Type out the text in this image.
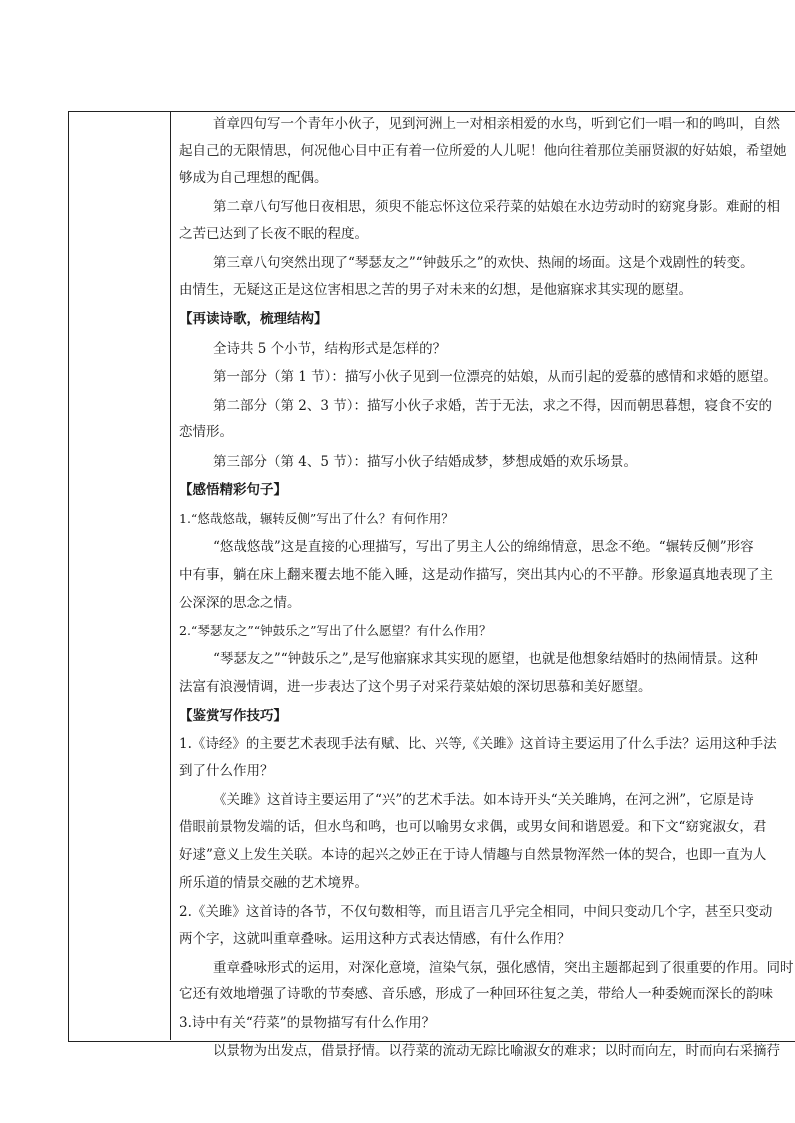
首章四句写一个青年小伙子，见到河洲上一对相亲相爱的水鸟，听到它们一唱一和的鸣叫，自然
起自己的无限情思，何况他心目中正有着一位所爱的人儿呢！他向往着那位美丽贤淑的好姑娘，希望她
够成为自己理想的配偶。
第二章八句写他日夜相思，须臾不能忘怀这位采荇菜的姑娘在水边劳动时的窈窕身影。难耐的相
之苦已达到了长夜不眠的程度。
第三章八句突然出现了“琴瑟友之”“钟鼓乐之”的欢快、热闹的场面。这是个戏剧性的转变。
由情生，无疑这正是这位害相思之苦的男子对未来的幻想，是他寤寐求其实现的愿望。
【再读诗歌，梳理结构】
全诗共 5 个小节，结构形式是怎样的？
第一部分（第 1 节）：描写小伙子见到一位漂亮的姑娘，从而引起的爱慕的感情和求婚的愿望。
第二部分（第 2、3 节）：描写小伙子求婚，苦于无法，求之不得，因而朝思暮想，寝食不安的
恋情形。
第三部分（第 4、5 节）：描写小伙子结婚成梦，梦想成婚的欢乐场景。
【感悟精彩句子】
1.“悠哉悠哉，辗转反侧”写出了什么？有何作用？
“悠哉悠哉”这是直接的心理描写，写出了男主人公的绵绵情意，思念不绝。“辗转反侧”形容
中有事，躺在床上翻来覆去地不能入睡，这是动作描写，突出其内心的不平静。形象逼真地表现了主
公深深的思念之情。
2.“琴瑟友之”“钟鼓乐之”写出了什么愿望？有什么作用？
“琴瑟友之”“钟鼓乐之”,是写他寤寐求其实现的愿望，也就是他想象结婚时的热闹情景。这种
法富有浪漫情调，进一步表达了这个男子对采荇菜姑娘的深切思慕和美好愿望。
【鉴赏写作技巧】
1.《诗经》的主要艺术表现手法有赋、比、兴等,《关雎》这首诗主要运用了什么手法？运用这种手法
到了什么作用？
《关雎》这首诗主要运用了“兴”的艺术手法。如本诗开头“关关雎鸠，在河之洲”，它原是诗
借眼前景物发端的话，但水鸟和鸣，也可以喻男女求偶，或男女间和谐恩爱。和下文“窈窕淑女，君
好逑”意义上发生关联。本诗的起兴之妙正在于诗人情趣与自然景物浑然一体的契合，也即一直为人
所乐道的情景交融的艺术境界。
2.《关雎》这首诗的各节，不仅句数相等，而且语言几乎完全相同，中间只变动几个字，甚至只变动
两个字，这就叫重章叠咏。运用这种方式表达情感，有什么作用？
重章叠咏形式的运用，对深化意境，渲染气氛，强化感情，突出主题都起到了很重要的作用。同时
它还有效地增强了诗歌的节奏感、音乐感，形成了一种回环往复之美，带给人一种委婉而深长的韵味
3.诗中有关“荇菜”的景物描写有什么作用？
以景物为出发点，借景抒情。以荇菜的流动无踪比喻淑女的难求；以时而向左，时而向右采摘荇
